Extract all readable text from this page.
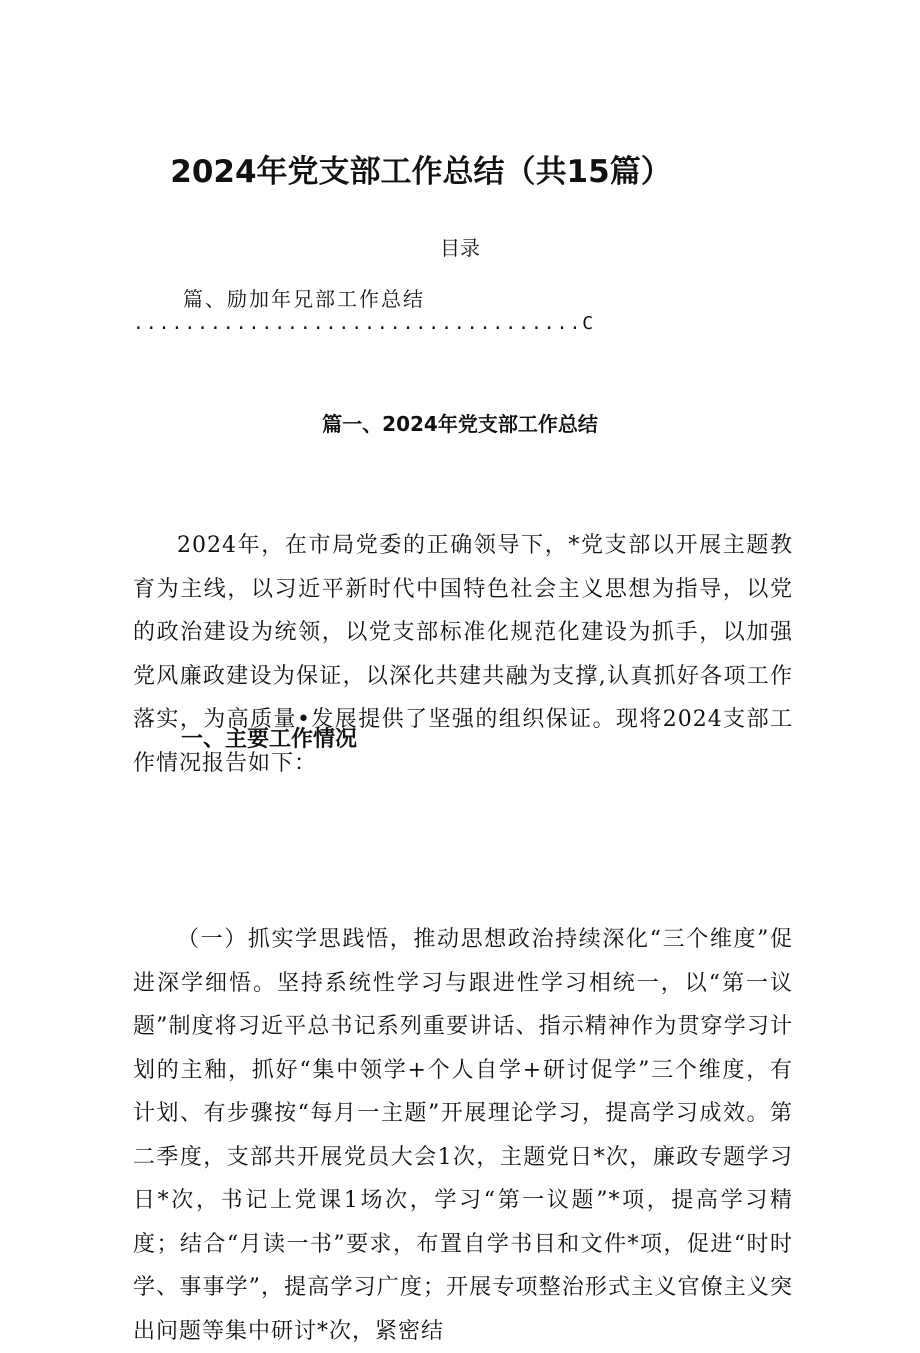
2024年党支部工作总结（共15篇）
目录
篇、励加年兄部工作总结
...................................C
篇一、2024年党支部工作总结

2024年，在市局党委的正确领导下，*党支部以开展主题教育为主线，以习近平新时代中国特色社会主义思想为指导，以党的政治建设为统领，以党支部标准化规范化建设为抓手，以加强党风廉政建设为保证，以深化共建共融为支撑,认真抓好各项工作落实，为高质量•发展提供了坚强的组织保证。现将2024支部工作情况报告如下：

一、主要工作情况

（一）抓实学思践悟，推动思想政治持续深化“三个维度”促进深学细悟。坚持系统性学习与跟进性学习相统一，以“第一议题”制度将习近平总书记系列重要讲话、指示精神作为贯穿学习计划的主釉，抓好“集中领学+个人自学+研讨促学”三个维度，有计划、有步骤按“每月一主题”开展理论学习，提高学习成效。第二季度，支部共开展党员大会1次，主题党日*次，廉政专题学习日*次，书记上党课1场次，学习“第一议题”*项，提高学习精度；结合“月读一书”要求，布置自学书目和文件*项，促进“时时学、事事学”，提高学习广度；开展专项整治形式主义官僚主义突出问题等集中研讨*次，紧密结
